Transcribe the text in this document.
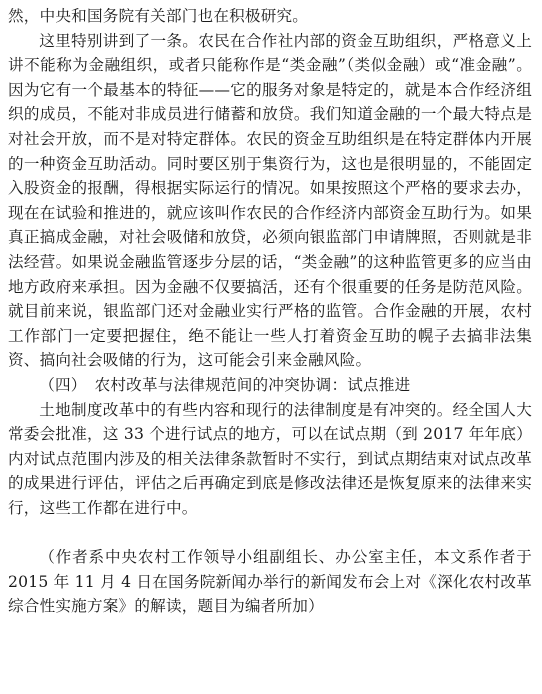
然，中央和国务院有关部门也在积极研究。

这里特别讲到了一条。农民在合作社内部的资金互助组织，严格意义上讲不能称为金融组织，或者只能称作是“类金融”（类似金融）或“准金融”。因为它有一个最基本的特征——它的服务对象是特定的，就是本合作经济组织的成员，不能对非成员进行储蓄和放贷。我们知道金融的一个最大特点是对社会开放，而不是对特定群体。农民的资金互助组织是在特定群体内开展的一种资金互助活动。同时要区别于集资行为，这也是很明显的，不能固定入股资金的报酬，得根据实际运行的情况。如果按照这个严格的要求去办，现在在试验和推进的，就应该叫作农民的合作经济内部资金互助行为。如果真正搞成金融，对社会吸储和放贷，必须向银监部门申请牌照，否则就是非法经营。如果说金融监管逐步分层的话，“类金融”的这种监管更多的应当由地方政府来承担。因为金融不仅要搞活，还有个很重要的任务是防范风险。就目前来说，银监部门还对金融业实行严格的监管。合作金融的开展，农村工作部门一定要把握住，绝不能让一些人打着资金互助的幌子去搞非法集资、搞向社会吸储的行为，这可能会引来金融风险。

（四）　农村改革与法律规范间的冲突协调：试点推进

土地制度改革中的有些内容和现行的法律制度是有冲突的。经全国人大常委会批准，这 33 个进行试点的地方，可以在试点期（到 2017 年年底）内对试点范围内涉及的相关法律条款暂时不实行，到试点期结束对试点改革的成果进行评估，评估之后再确定到底是修改法律还是恢复原来的法律来实行，这些工作都在进行中。

（作者系中央农村工作领导小组副组长、办公室主任，本文系作者于 2015 年 11 月 4 日在国务院新闻办举行的新闻发布会上对《深化农村改革综合性实施方案》的解读，题目为编者所加）
